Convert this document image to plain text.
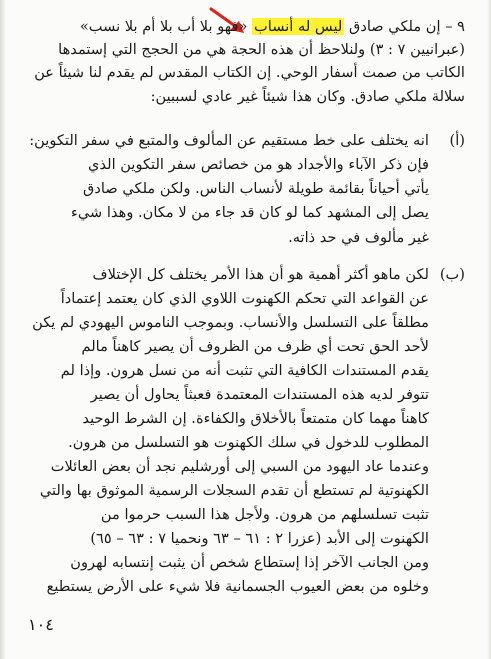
٩ – إن ملكي صادق ليس له أنساب «فهو بلا أب بلا أم بلا نسب»
(عبرانيين ٧ : ٣) ولنلاحظ أن هذه الحجة هي من الحجج التي إستمدها
الكاتب من صمت أسفار الوحي. إن الكتاب المقدس لم يقدم لنا شيئاً عن
سلالة ملكي صادق. وكان هذا شيئاً غير عادي لسببين:
(أ)
انه يختلف على خط مستقيم عن المألوف والمتبع في سفر التكوين:
فإن ذكر الآباء والأجداد هو من خصائص سفر التكوين الذي
يأتي أحياناً بقائمة طويلة لأنساب الناس. ولكن ملكي صادق
يصل إلى المشهد كما لو كان قد جاء من لا مكان. وهذا شيء
غير مألوف في حد ذاته.
(ب)
لكن ماهو أكثر أهمية هو أن هذا الأمر يختلف كل الإختلاف
عن القواعد التي تحكم الكهنوت اللاوي الذي كان يعتمد إعتماداً
مطلقاً على التسلسل والأنساب. وبموجب الناموس اليهودي لم يكن
لأحد الحق تحت أي ظرف من الظروف أن يصير كاهناً مالم
يقدم المستندات الكافية التي تثبت أنه من نسل هرون. وإذا لم
تتوفر لديه هذه المستندات المعتمدة فعبثاً يحاول أن يصير
كاهناً مهما كان متمتعاً بالأخلاق والكفاءة. إن الشرط الوحيد
المطلوب للدخول في سلك الكهنوت هو التسلسل من هرون.
وعندما عاد اليهود من السبي إلى أورشليم نجد أن بعض العائلات
الكهنوتية لم تستطع أن تقدم السجلات الرسمية الموثوق بها والتي
تثبت تسلسلهم من هرون. ولأجل هذا السبب حرموا من
الكهنوت إلى الأبد (عزرا ٢ : ٦١ – ٦٣ ونحميا ٧ : ٦٣ – ٦٥)
ومن الجانب الآخر إذا إستطاع شخص أن يثبت إنتسابه لهرون
وخلوه من بعض العيوب الجسمانية فلا شيء على الأرض يستطيع
١٠٤
